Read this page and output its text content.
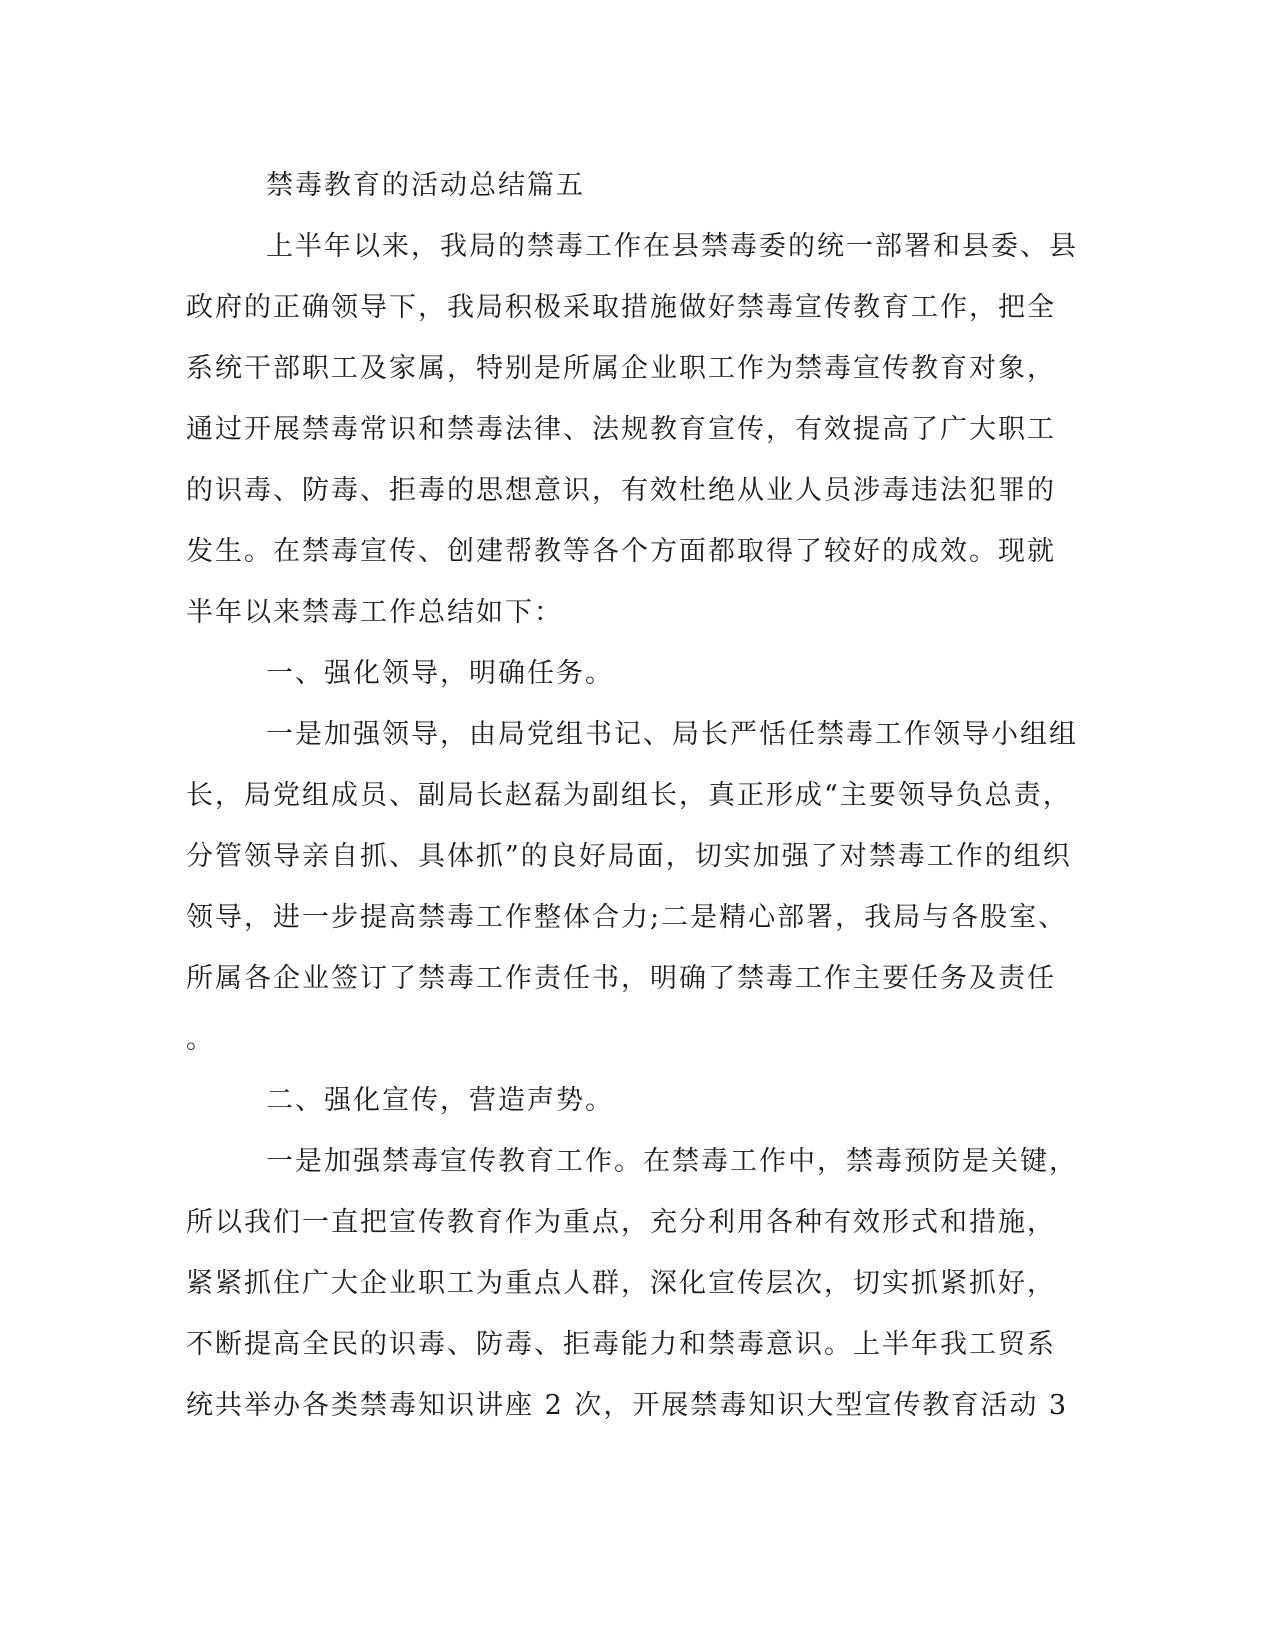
禁毒教育的活动总结篇五
上半年以来，我局的禁毒工作在县禁毒委的统一部署和县委、县
政府的正确领导下，我局积极采取措施做好禁毒宣传教育工作，把全
系统干部职工及家属，特别是所属企业职工作为禁毒宣传教育对象，
通过开展禁毒常识和禁毒法律、法规教育宣传，有效提高了广大职工
的识毒、防毒、拒毒的思想意识，有效杜绝从业人员涉毒违法犯罪的
发生。在禁毒宣传、创建帮教等各个方面都取得了较好的成效。现就
半年以来禁毒工作总结如下：
一、强化领导，明确任务。
一是加强领导，由局党组书记、局长严恬任禁毒工作领导小组组
长，局党组成员、副局长赵磊为副组长，真正形成“主要领导负总责，
分管领导亲自抓、具体抓”的良好局面，切实加强了对禁毒工作的组织
领导，进一步提高禁毒工作整体合力;二是精心部署，我局与各股室、
所属各企业签订了禁毒工作责任书，明确了禁毒工作主要任务及责任
。
二、强化宣传，营造声势。
一是加强禁毒宣传教育工作。在禁毒工作中，禁毒预防是关键，
所以我们一直把宣传教育作为重点，充分利用各种有效形式和措施，
紧紧抓住广大企业职工为重点人群，深化宣传层次，切实抓紧抓好，
不断提高全民的识毒、防毒、拒毒能力和禁毒意识。上半年我工贸系
统共举办各类禁毒知识讲座 2 次，开展禁毒知识大型宣传教育活动 3
